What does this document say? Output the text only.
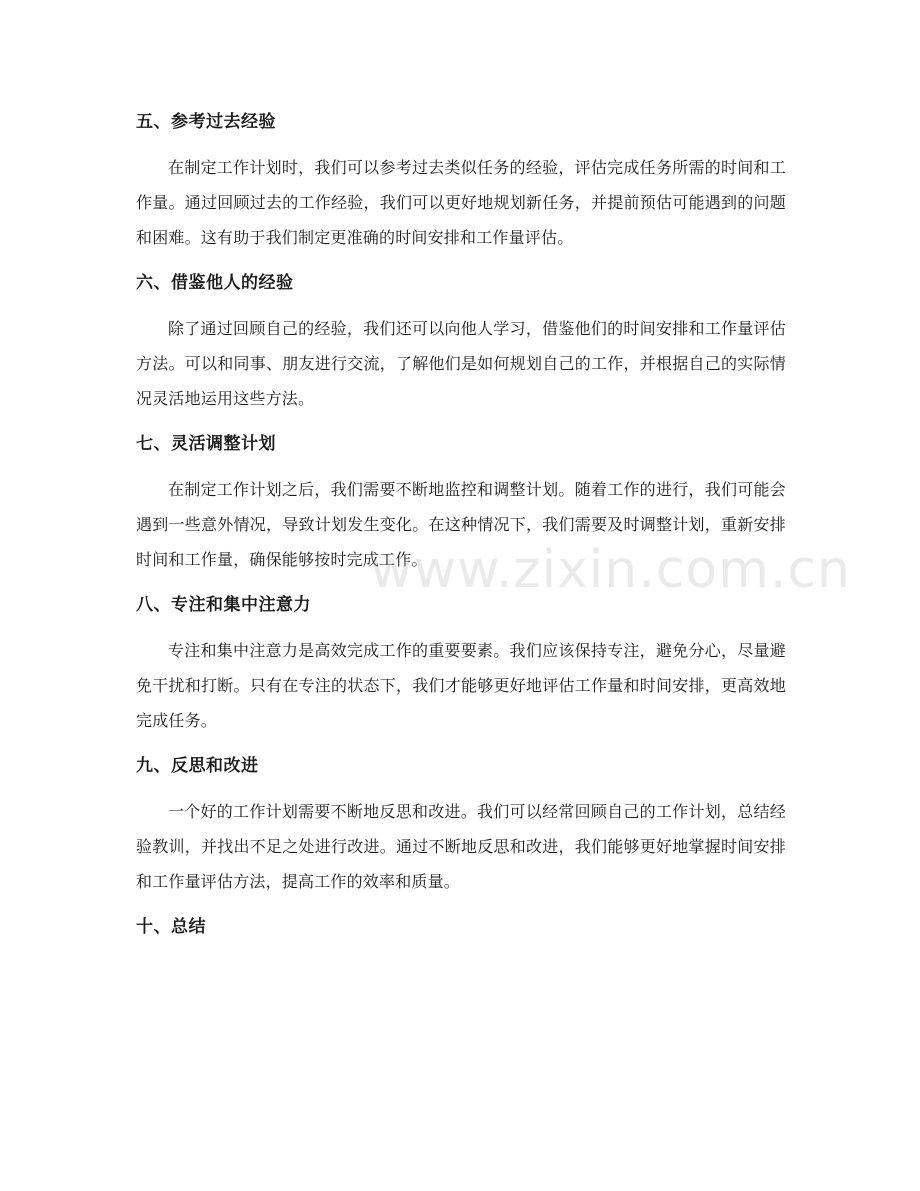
五、参考过去经验

在制定工作计划时，我们可以参考过去类似任务的经验，评估完成任务所需的时间和工作量。通过回顾过去的工作经验，我们可以更好地规划新任务，并提前预估可能遇到的问题和困难。这有助于我们制定更准确的时间安排和工作量评估。

六、借鉴他人的经验

除了通过回顾自己的经验，我们还可以向他人学习，借鉴他们的时间安排和工作量评估方法。可以和同事、朋友进行交流，了解他们是如何规划自己的工作，并根据自己的实际情况灵活地运用这些方法。

七、灵活调整计划

在制定工作计划之后，我们需要不断地监控和调整计划。随着工作的进行，我们可能会遇到一些意外情况，导致计划发生变化。在这种情况下，我们需要及时调整计划，重新安排时间和工作量，确保能够按时完成工作。

八、专注和集中注意力

专注和集中注意力是高效完成工作的重要要素。我们应该保持专注，避免分心，尽量避免干扰和打断。只有在专注的状态下，我们才能够更好地评估工作量和时间安排，更高效地完成任务。

九、反思和改进

一个好的工作计划需要不断地反思和改进。我们可以经常回顾自己的工作计划，总结经验教训，并找出不足之处进行改进。通过不断地反思和改进，我们能够更好地掌握时间安排和工作量评估方法，提高工作的效率和质量。

十、总结
www.zixin.com.cn
